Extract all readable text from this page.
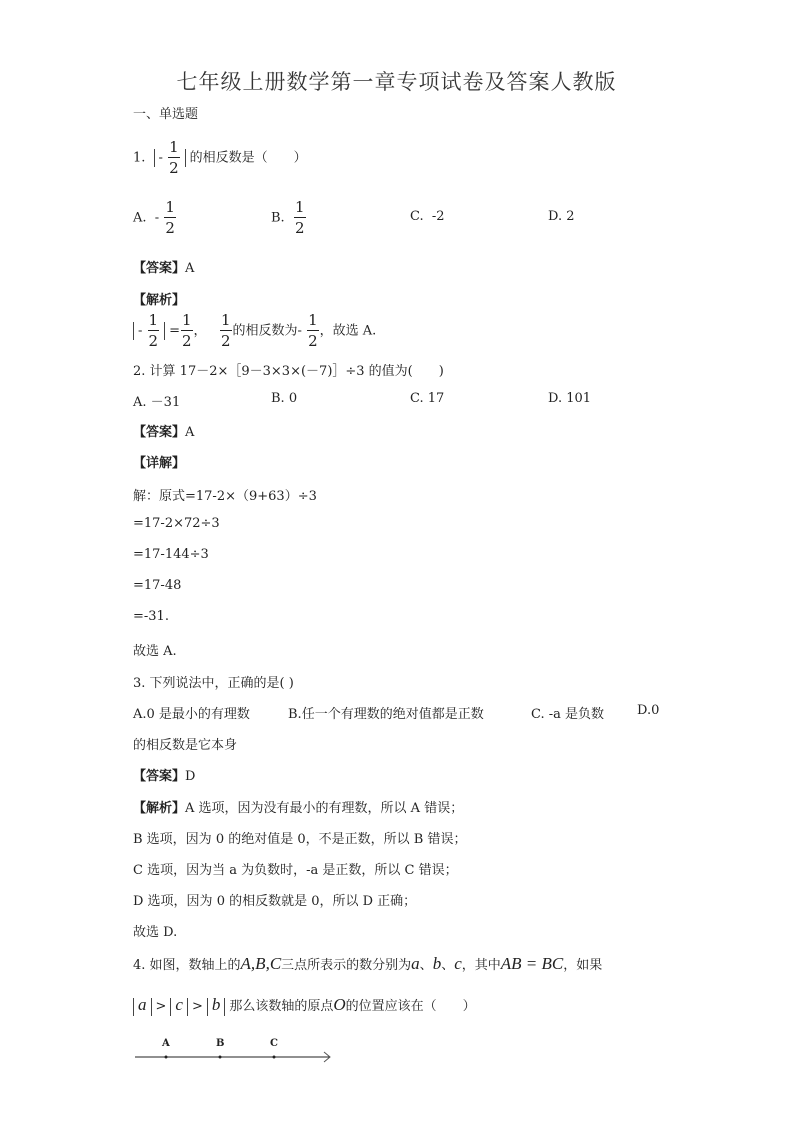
七年级上册数学第一章专项试卷及答案人教版
一、单选题
1. - $\frac{1}{2}$ 的相反数是（　　）
A. - $\frac{1}{2}$	B. $\frac{1}{2}$	C. -2	D. 2
【答案】A
【解析】
- $\frac{1}{2} = \frac{1}{2}$ ， $\frac{1}{2}$ 的相反数为- $\frac{1}{2}$ ，故选 A.
2. 计算 17－2×［9－3×3×(－7)］÷3 的值为(　　)
A. －31	B. 0	C. 17	D. 101
【答案】A
【详解】
解：原式=17-2×（9+63）÷3
=17-2×72÷3
=17-144÷3
=17-48
=-31.
故选 A.
3. 下列说法中，正确的是( )
A.0 是最小的有理数	B.任一个有理数的绝对值都是正数	C. -a 是负数	D.0
的相反数是它本身
【答案】D
【解析】A 选项，因为没有最小的有理数，所以 A 错误；
B 选项，因为 0 的绝对值是 0，不是正数，所以 B 错误；
C 选项，因为当 a 为负数时，-a 是正数，所以 C 错误；
D 选项，因为 0 的相反数就是 0，所以 D 正确；
故选 D.
4. 如图，数轴上的A,B,C三点所表示的数分别为a、b、c，其中AB = BC，如果
a > c > b 那么该数轴的原点O的位置应该在（　　）
A	B	C
